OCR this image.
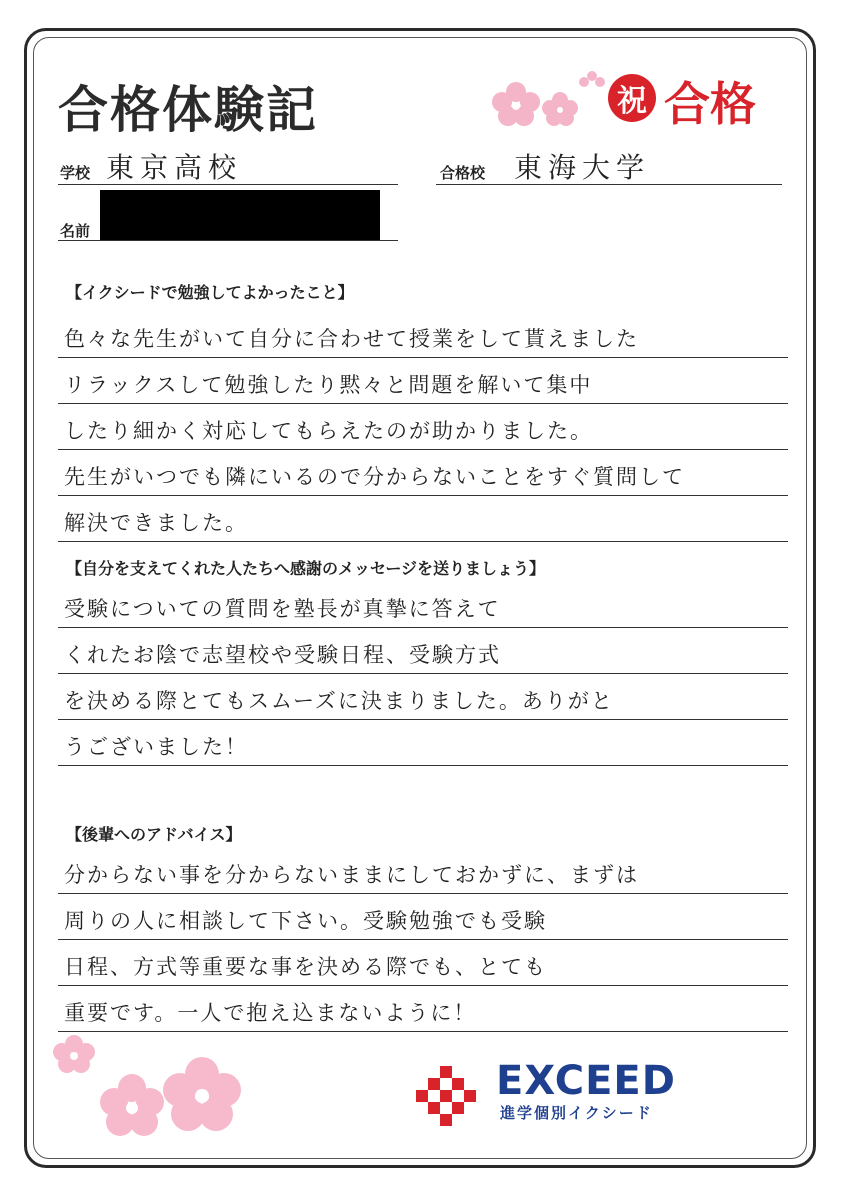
合格体験記	祝 合格
学校 東京高校	合格校 東海大学
名前
【イクシードで勉強してよかったこと】
色々な先生がいて自分に合わせて授業をして貰えました
リラックスして勉強したり黙々と問題を解いて集中
したり細かく対応してもらえたのが助かりました。
先生がいつでも隣にいるので分からないことをすぐ質問して
解決できました。
【自分を支えてくれた人たちへ感謝のメッセージを送りましょう】
受験についての質問を塾長が真摯に答えて
くれたお陰で志望校や受験日程、受験方式
を決める際とてもスムーズに決まりました。ありがと
うございました！
【後輩へのアドバイス】
分からない事を分からないままにしておかずに、まずは
周りの人に相談して下さい。受験勉強でも受験
日程、方式等重要な事を決める際でも、とても
重要です。一人で抱え込まないように！
EXCEED
進学個別イクシード
